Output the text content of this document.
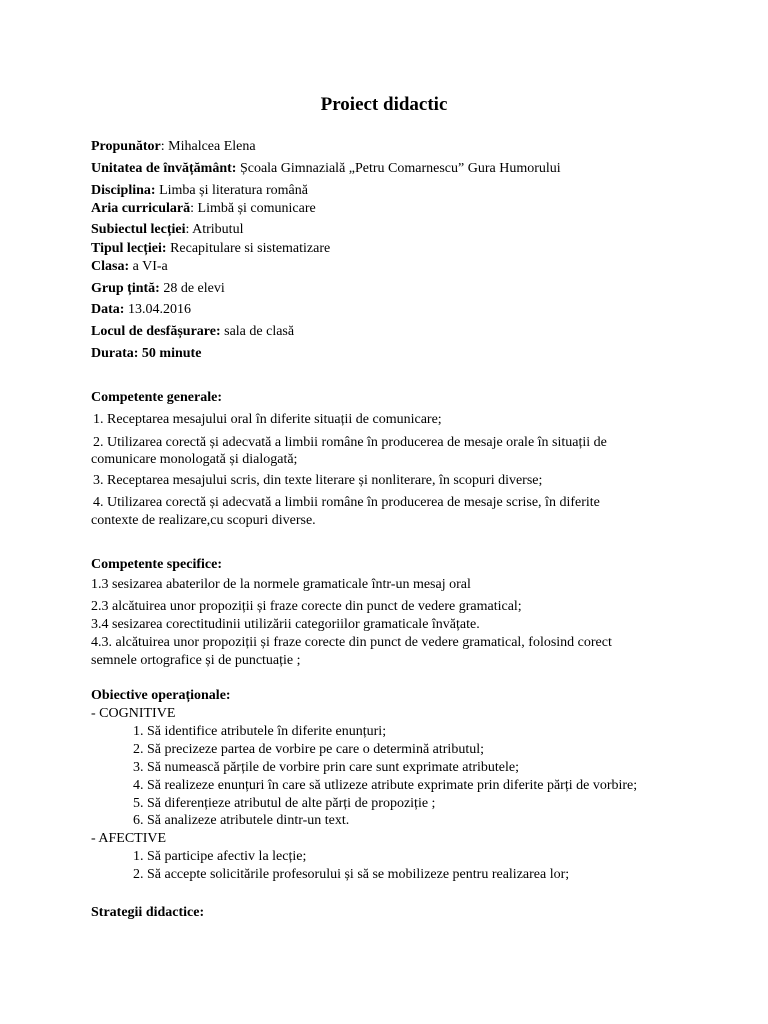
Proiect didactic
Propunător: Mihalcea Elena
Unitatea de învățământ: Școala Gimnazială „Petru Comarnescu” Gura Humorului
Disciplina: Limba și literatura română
Aria curriculară: Limbă și comunicare
Subiectul lecției: Atributul
Tipul lecției: Recapitulare si sistematizare
Clasa: a VI-a
Grup țintă: 28 de elevi
Data: 13.04.2016
Locul de desfășurare: sala de clasă
Durata: 50 minute
Competente generale:
1. Receptarea mesajului oral în diferite situații de comunicare;
2. Utilizarea corectă și adecvată a limbii române în producerea de mesaje orale în situații de
comunicare monologată și dialogată;
3. Receptarea mesajului scris, din texte literare și nonliterare, în scopuri diverse;
4. Utilizarea corectă și adecvată a limbii române în producerea de mesaje scrise, în diferite
contexte de realizare,cu scopuri diverse.
Competente specifice:
1.3 sesizarea abaterilor de la normele gramaticale într-un mesaj oral
2.3 alcătuirea unor propoziții și fraze corecte din punct de vedere gramatical;
3.4 sesizarea corectitudinii utilizării categoriilor gramaticale învățate.
4.3. alcătuirea unor propoziții și fraze corecte din punct de vedere gramatical, folosind corect
semnele ortografice și de punctuație ;
Obiective operaționale:
- COGNITIVE
1. Să identifice atributele în diferite enunțuri;
2. Să precizeze partea de vorbire pe care o determină atributul;
3. Să numească părțile de vorbire prin care sunt exprimate atributele;
4. Să realizeze enunțuri în care să utlizeze atribute exprimate prin diferite părți de vorbire;
5. Să diferențieze atributul de alte părți de propoziție ;
6. Să analizeze atributele dintr-un text.
- AFECTIVE
1. Să participe afectiv la lecție;
2. Să accepte solicitările profesorului și să se mobilizeze pentru realizarea lor;
Strategii didactice:
